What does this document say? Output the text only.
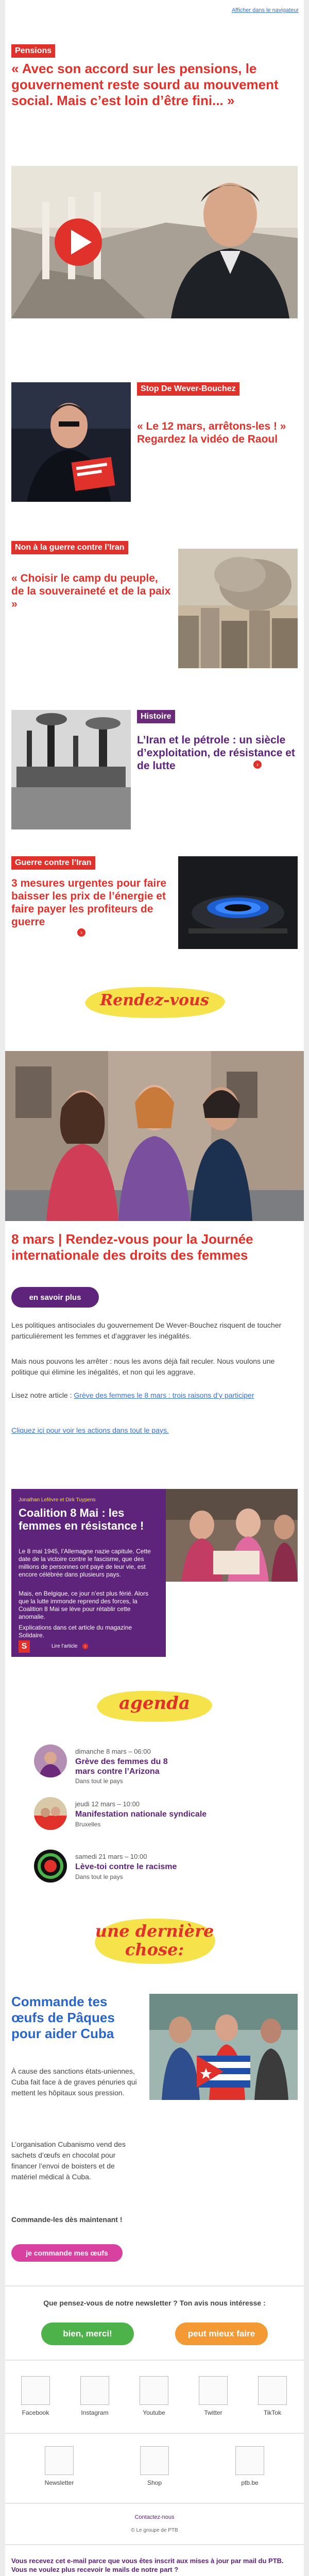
Afficher dans le navigateur
Pensions
« Avec son accord sur les pensions, le gouvernement reste sourd au mouvement social. Mais c’est loin d’être fini... »
Stop De Wever-Bouchez
« Le 12 mars, arrêtons-les ! » Regardez la vidéo de Raoul
Non à la guerre contre l’Iran
« Choisir le camp du peuple, de la souveraineté et de la paix »
Histoire
L’Iran et le pétrole : un siècle d’exploitation, de résistance et de lutte	›
Guerre contre l’Iran
3 mesures urgentes pour faire baisser les prix de l’énergie et faire payer les profiteurs de guerre
›
Rendez-vous
8 mars | Rendez-vous pour la Journée internationale des droits des femmes
en savoir plus
Les politiques antisociales du gouvernement De Wever-Bouchez risquent de toucher particulièrement les femmes et d’aggraver les inégalités.
Mais nous pouvons les arrêter : nous les avons déjà fait reculer. Nous voulons une politique qui élimine les inégalités, et non qui les aggrave.
Lisez notre article : Grève des femmes le 8 mars : trois raisons d’y participer
Cliquez ici pour voir les actions dans tout le pays.
Jonathan Lefèvre et Dirk Tuypens
Coalition 8 Mai : les femmes en résistance !
Le 8 mai 1945, l’Allemagne nazie capitule. Cette date de la victoire contre le fascisme, que des millions de personnes ont payé de leur vie, est encore célébrée dans plusieurs pays.
Mais, en Belgique, ce jour n’est plus férié. Alors que la lutte immonde reprend des forces, la Coalition 8 Mai se lève pour rétablir cette anomalie.
Explications dans cet article du magazine Solidaire.
S	Lire l’article	›
agenda
dimanche 8 mars – 06:00
Grève des femmes du 8 mars contre l’Arizona
Dans tout le pays
jeudi 12 mars – 10:00
Manifestation nationale syndicale
Bruxelles
samedi 21 mars – 10:00
Lève-toi contre le racisme
Dans tout le pays
une dernière chose:
Commande tes œufs de Pâques pour aider Cuba
À cause des sanctions états-uniennes, Cuba fait face à de graves pénuries qui mettent les hôpitaux sous pression.
L’organisation Cubanismo vend des sachets d’œufs en chocolat pour financer l’envoi de boisters et de matériel médical à Cuba.
Commande-les dès maintenant !
je commande mes œufs
Que pensez-vous de notre newsletter ? Ton avis nous intéresse :
bien, merci!	peut mieux faire
Facebook	Instagram	Youtube	Twitter	TikTok
Newsletter	Shop	ptb.be
Contactez-nous
© Le groupe de PTB
Vous recevez cet e-mail parce que vous êtes inscrit aux mises à jour par mail du PTB. Vous ne voulez plus recevoir le mails de notre part ?
